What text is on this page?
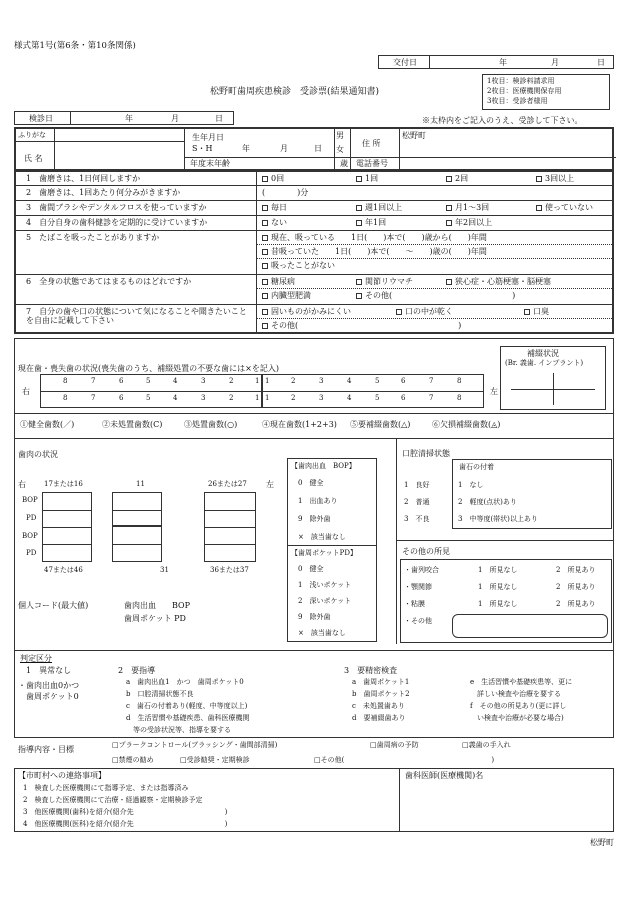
様式第1号(第6条・第10条関係)
交付日	年	月	日
松野町歯周疾患検診　受診票(結果通知書)
1枚目：検診料請求用
2枚目：医療機関保存用
3枚目：受診者様用
検診日	年	月	日	※太枠内をご記入のうえ、受診して下さい。
ふりがな
氏 名
生年月日
S・H	年	月	日
男
女
年度末年齢	歳
住 所
松野町
電話番号
1　歯磨きは、1日何回しますか	0回	1回	2回	3回以上
2　歯磨きは、1回あたり何分みがきますか	(　　　　)分
3　歯間ブラシやデンタルフロスを使っていますか	毎日	週1回以上	月1〜3回	使っていない
4　自分自身の歯科健診を定期的に受けていますか	ない	年1回	年2回以上
5　たばこを吸ったことがありますか	現在、吸っている　　1日(　　)本で(　　)歳から(　　)年間
昔吸っていた　　1日(　　)本で(　　〜　　)歳の(　　)年間
吸ったことがない
6　全身の状態であてはまるものはどれですか	糖尿病	関節リウマチ	狭心症・心筋梗塞・脳梗塞
内臓型肥満	その他(　　　　　　　　　　　　　　　)
7　自分の歯や口の状態について気になることや聞きたいことを自由に記載して下さい
固いものがかみにくい	口の中が乾く	口臭
その他(　　　　　　　　　　　　　　　　　　　　)
現在歯・喪失歯の状況(喪失歯のうち、補綴処置の不要な歯には×を記入)
右	左
8	7	6	5	4	3	2	1 1	2	3	4	5	6	7	8
8	7	6	5	4	3	2	1 1	2	3	4	5	6	7	8
補綴状況
(Br. 義歯. インプラント)
①健全歯数(／)	②未処置歯数(C)	③処置歯数(○)	④現在歯数(1+2+3) ⑤要補綴歯数(△)	⑥欠損補綴歯数(◬)
歯肉の状況
右	左
17または16	11	26または27
BOP
PD
BOP
PD
47または46	31	36または37
個人コード(最大値)	歯肉出血　　BOP
歯周ポケット PD
【歯肉出血　BOP】
0　健全
1　出血あり
9　除外歯
×　該当歯なし
【歯周ポケットPD】
0　健全
1　浅いポケット
2　深いポケット
9　除外歯
×　該当歯なし
口腔清掃状態
歯石の付着
1　良好	1　なし
2　普通	2　軽度(点状)あり
3　不良	3　中等度(帯状)以上あり
その他の所見
・歯列咬合	1　所見なし	2　所見あり
・顎関節	1　所見なし	2　所見あり
・粘膜	1　所見なし	2　所見あり
・その他
判定区分
1　異常なし
・歯肉出血0かつ
歯周ポケット0
2　要指導
a　歯肉出血1　かつ　歯周ポケット0
b　口腔清掃状態不良
c　歯石の付着あり(軽度、中等度以上)
d　生活習慣や基礎疾患、歯科医療機関
　等の受診状況等、指導を要する
3　要精密検査
a　歯周ポケット1
b　歯周ポケット2
c　未処置歯あり
d　要補綴歯あり
e　生活習慣や基礎疾患等、更に
　詳しい検査や治療を要する
f　その他の所見あり(更に詳し
　い検査や治療が必要な場合)
指導内容・目標	□プラークコントロール(ブラッシング・歯間部清掃)	□歯周病の予防	□義歯の手入れ
□禁煙の勧め	□受診勧奨・定期検診	□その他(　　　　　　　　　　　　　　　　　　　　　)
【市町村への連絡事項】
1　検査した医療機関にて指導予定、または指導済み
2　検査した医療機関にて治療・経過観察・定期検診予定
3　他医療機関(歯科)を紹介(紹介先　　　　　　　　　　　　　)
4　他医療機関(医科)を紹介(紹介先　　　　　　　　　　　　　)
歯科医師(医療機関)名
松野町
